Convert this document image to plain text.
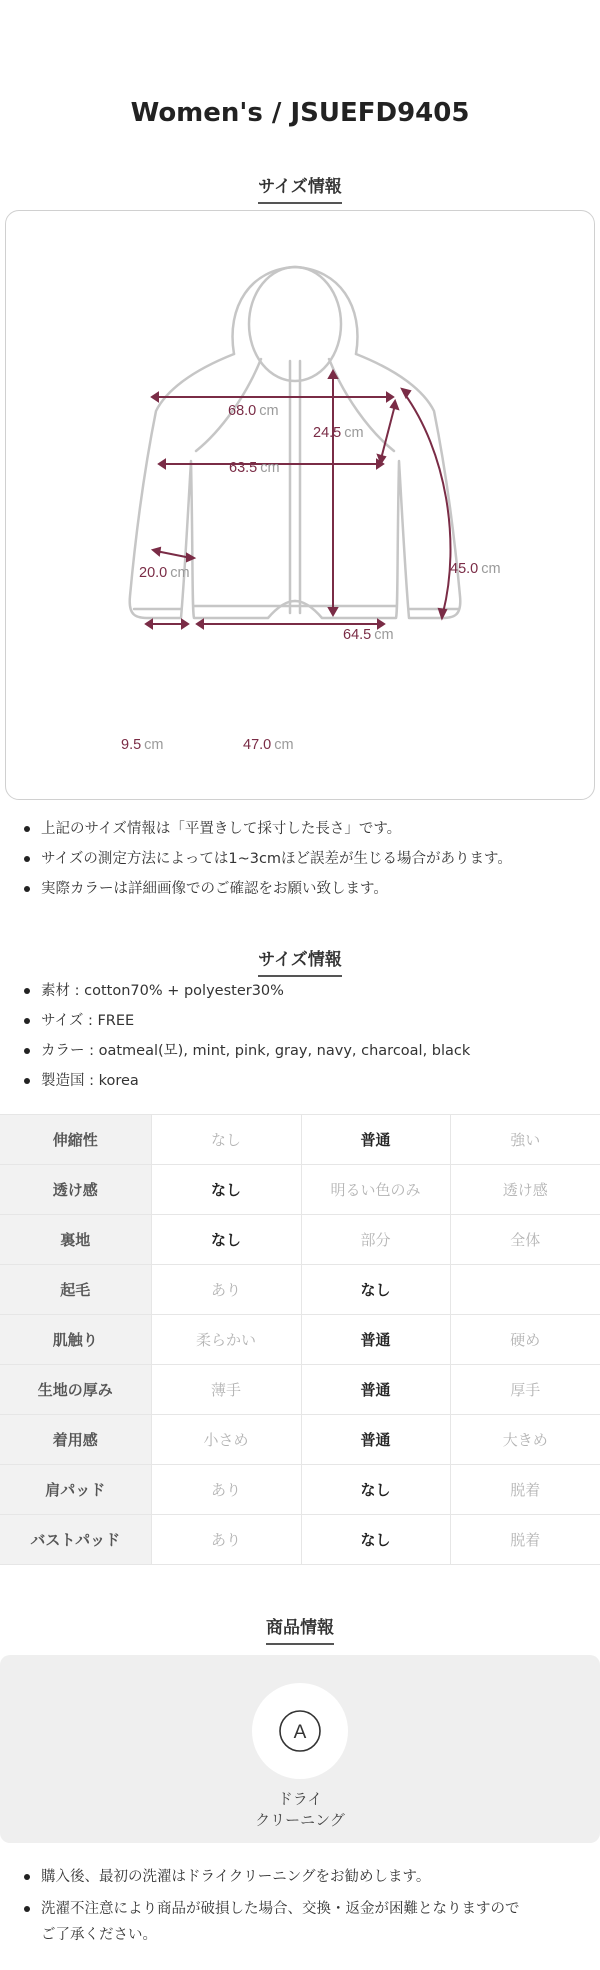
Women's / JSUEFD9405
サイズ情報
68.0 cm
63.5 cm
24.5 cm
45.0 cm
20.0 cm
64.5 cm
9.5 cm	47.0 cm
上記のサイズ情報は「平置きして採寸した長さ」です。
サイズの測定方法によっては1~3cmほど誤差が生じる場合があります。
実際カラーは詳細画像でのご確認をお願い致します。
サイズ情報
素材 : cotton70% + polyester30%
サイズ : FREE
カラー : oatmeal(모), mint, pink, gray, navy, charcoal, black
製造国 : korea
伸縮性	なし	普通	強い
透け感	なし	明るい色のみ	透け感
裏地	なし	部分	全体
起毛	あり	なし	
肌触り	柔らかい	普通	硬め
生地の厚み	薄手	普通	厚手
着用感	小さめ	普通	大きめ
肩パッド	あり	なし	脱着
バストパッド	あり	なし	脱着
商品情報
A
ドライ
クリーニング
購入後、最初の洗濯はドライクリーニングをお勧めします。
洗濯不注意により商品が破損した場合、交換・返金が困難となりますので
ご了承ください。
